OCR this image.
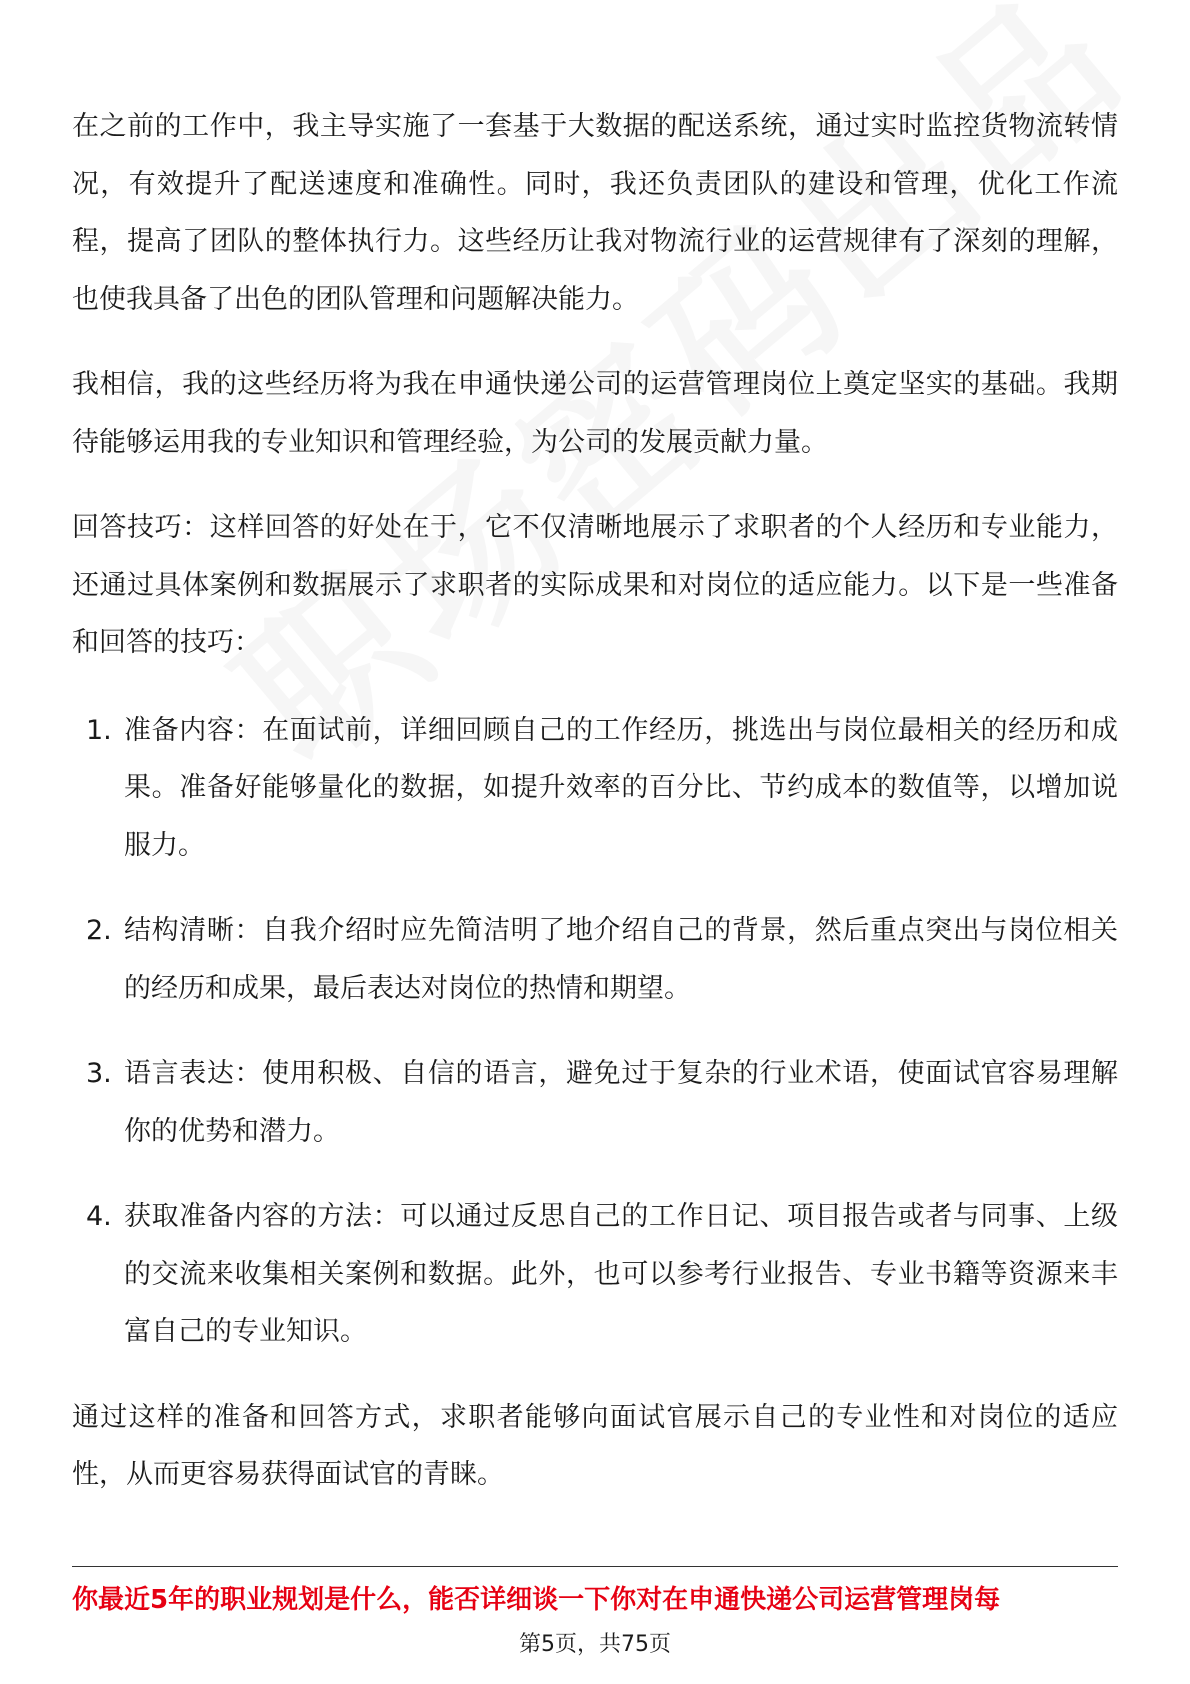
在之前的工作中，我主导实施了一套基于大数据的配送系统，通过实时监控货物流转情况，有效提升了配送速度和准确性。同时，我还负责团队的建设和管理，优化工作流程，提高了团队的整体执行力。这些经历让我对物流行业的运营规律有了深刻的理解，也使我具备了出色的团队管理和问题解决能力。

我相信，我的这些经历将为我在申通快递公司的运营管理岗位上奠定坚实的基础。我期待能够运用我的专业知识和管理经验，为公司的发展贡献力量。

回答技巧：这样回答的好处在于，它不仅清晰地展示了求职者的个人经历和专业能力，还通过具体案例和数据展示了求职者的实际成果和对岗位的适应能力。以下是一些准备和回答的技巧：

1. 准备内容：在面试前，详细回顾自己的工作经历，挑选出与岗位最相关的经历和成果。准备好能够量化的数据，如提升效率的百分比、节约成本的数值等，以增加说服力。
2. 结构清晰：自我介绍时应先简洁明了地介绍自己的背景，然后重点突出与岗位相关的经历和成果，最后表达对岗位的热情和期望。
3. 语言表达：使用积极、自信的语言，避免过于复杂的行业术语，使面试官容易理解你的优势和潜力。
4. 获取准备内容的方法：可以通过反思自己的工作日记、项目报告或者与同事、上级的交流来收集相关案例和数据。此外，也可以参考行业报告、专业书籍等资源来丰富自己的专业知识。

通过这样的准备和回答方式，求职者能够向面试官展示自己的专业性和对岗位的适应性，从而更容易获得面试官的青睐。

你最近5年的职业规划是什么，能否详细谈一下你对在申通快递公司运营管理岗每
第5页，共75页
